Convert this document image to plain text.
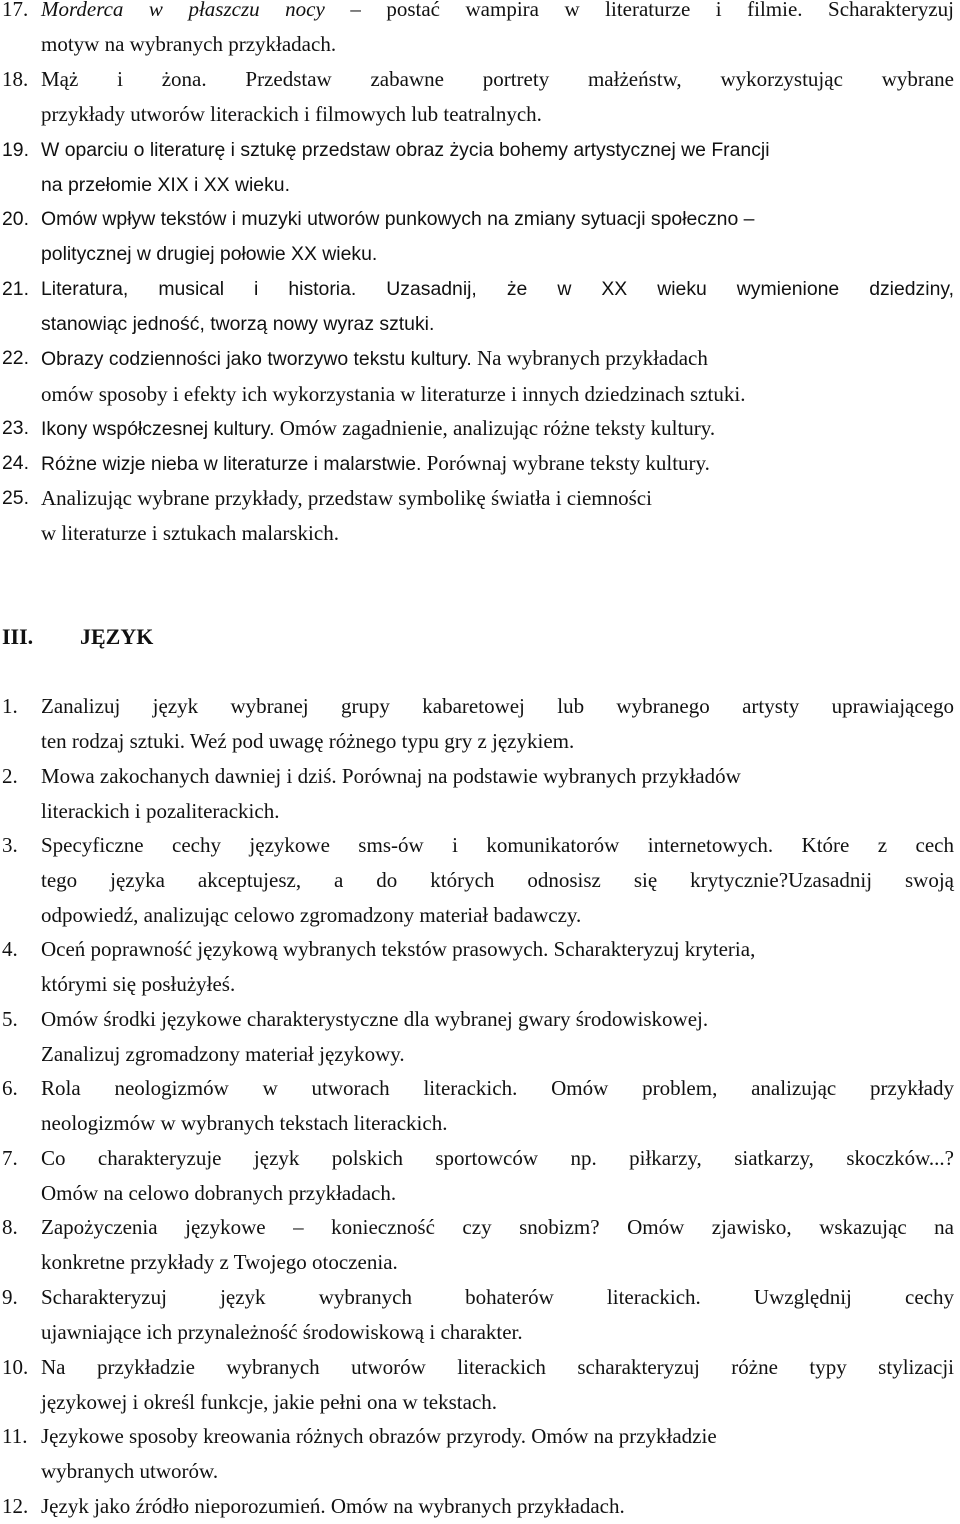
17. Morderca w płaszczu nocy – postać wampira w literaturze i filmie. Scharakteryzuj
motyw na wybranych przykładach.
18. Mąż i żona. Przedstaw zabawne portrety małżeństw, wykorzystując wybrane
przykłady utworów literackich i filmowych lub teatralnych.
19. W oparciu o literaturę i sztukę przedstaw obraz życia bohemy artystycznej we Francji
na przełomie XIX i XX wieku.
20. Omów wpływ tekstów i muzyki utworów punkowych na zmiany sytuacji społeczno –
politycznej w drugiej połowie XX wieku.
21. Literatura, musical i historia. Uzasadnij, że w XX wieku wymienione dziedziny,
stanowiąc jedność, tworzą nowy wyraz sztuki.
22. Obrazy codzienności jako tworzywo tekstu kultury. Na wybranych przykładach
omów sposoby i efekty ich wykorzystania w literaturze i innych dziedzinach sztuki.
23. Ikony współczesnej kultury. Omów zagadnienie, analizując różne teksty kultury.
24. Różne wizje nieba w literaturze i malarstwie. Porównaj wybrane teksty kultury.
25. Analizując wybrane przykłady, przedstaw symbolikę światła i ciemności
w literaturze i sztukach malarskich.
III. JĘZYK
1. Zanalizuj język wybranej grupy kabaretowej lub wybranego artysty uprawiającego
ten rodzaj sztuki. Weź pod uwagę różnego typu gry z językiem.
2. Mowa zakochanych dawniej i dziś. Porównaj na podstawie wybranych przykładów
literackich i pozaliterackich.
3. Specyficzne cechy językowe sms-ów i komunikatorów internetowych. Które z cech
tego języka akceptujesz, a do których odnosisz się krytycznie?Uzasadnij swoją
odpowiedź, analizując celowo zgromadzony materiał badawczy.
4. Oceń poprawność językową wybranych tekstów prasowych. Scharakteryzuj kryteria,
którymi się posłużyłeś.
5. Omów środki językowe charakterystyczne dla wybranej gwary środowiskowej.
Zanalizuj zgromadzony materiał językowy.
6. Rola neologizmów w utworach literackich. Omów problem, analizując przykłady
neologizmów w wybranych tekstach literackich.
7. Co charakteryzuje język polskich sportowców np. piłkarzy, siatkarzy, skoczków...?
Omów na celowo dobranych przykładach.
8. Zapożyczenia językowe – konieczność czy snobizm? Omów zjawisko, wskazując na
konkretne przykłady z Twojego otoczenia.
9. Scharakteryzuj język wybranych bohaterów literackich. Uwzględnij cechy
ujawniające ich przynależność środowiskową i charakter.
10. Na przykładzie wybranych utworów literackich scharakteryzuj różne typy stylizacji
językowej i określ funkcje, jakie pełni ona w tekstach.
11. Językowe sposoby kreowania różnych obrazów przyrody. Omów na przykładzie
wybranych utworów.
12. Język jako źródło nieporozumień. Omów na wybranych przykładach.
